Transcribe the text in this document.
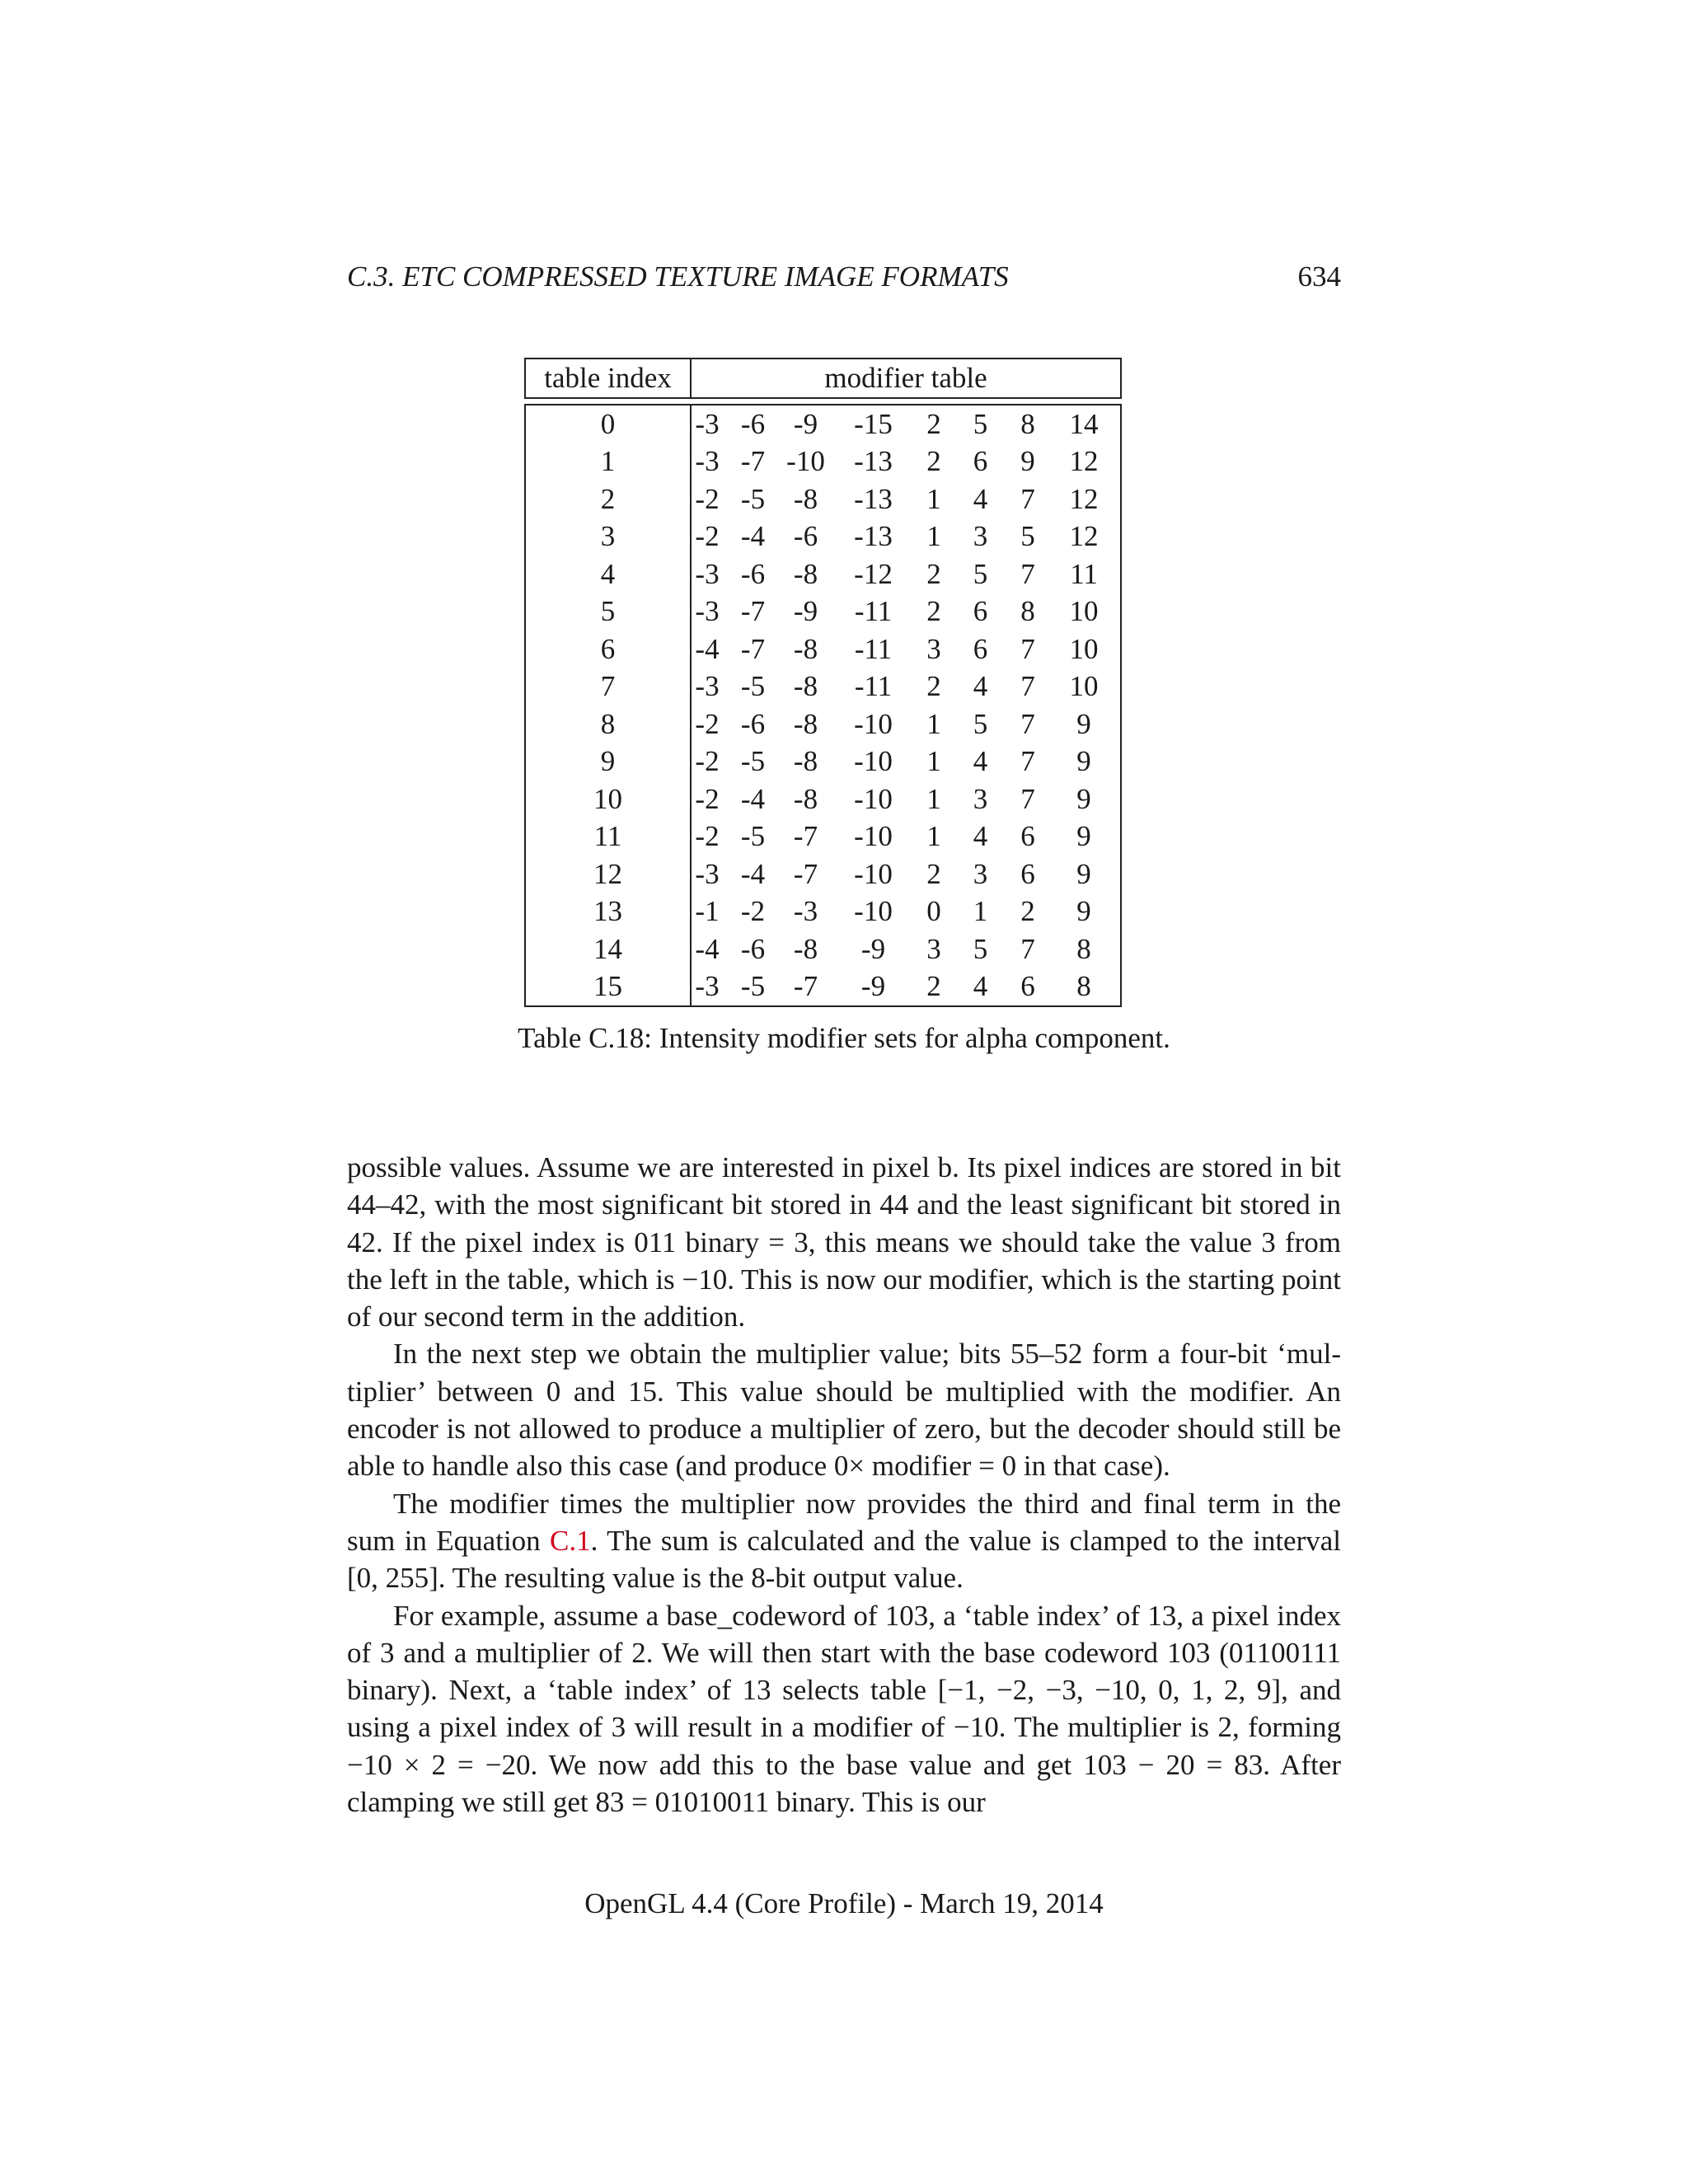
C.3. ETC COMPRESSED TEXTURE IMAGE FORMATS	634
table index	modifier table							

0	-3	-6	-9	-15	2	5	8	14
1	-3	-7	-10	-13	2	6	9	12
2	-2	-5	-8	-13	1	4	7	12
3	-2	-4	-6	-13	1	3	5	12
4	-3	-6	-8	-12	2	5	7	11
5	-3	-7	-9	-11	2	6	8	10
6	-4	-7	-8	-11	3	6	7	10
7	-3	-5	-8	-11	2	4	7	10
8	-2	-6	-8	-10	1	5	7	9
9	-2	-5	-8	-10	1	4	7	9
10	-2	-4	-8	-10	1	3	7	9
11	-2	-5	-7	-10	1	4	6	9
12	-3	-4	-7	-10	2	3	6	9
13	-1	-2	-3	-10	0	1	2	9
14	-4	-6	-8	-9	3	5	7	8
15	-3	-5	-7	-9	2	4	6	8
Table C.18: Intensity modifier sets for alpha component.

possible values. Assume we are interested in pixel b. Its pixel indices are stored in bit 44–42, with the most significant bit stored in 44 and the least significant bit stored in 42. If the pixel index is 011 binary = 3, this means we should take the value 3 from the left in the table, which is −10. This is now our modifier, which is the starting point of our second term in the addition.

In the next step we obtain the multiplier value; bits 55–52 form a four-bit ‘mul-tiplier’ between 0 and 15. This value should be multiplied with the modifier. An encoder is not allowed to produce a multiplier of zero, but the decoder should still be able to handle also this case (and produce 0× modifier = 0 in that case).

The modifier times the multiplier now provides the third and final term in the sum in Equation C.1. The sum is calculated and the value is clamped to the interval [0, 255]. The resulting value is the 8-bit output value.

For example, assume a base_codeword of 103, a ‘table index’ of 13, a pixel index of 3 and a multiplier of 2. We will then start with the base codeword 103 (01100111 binary). Next, a ‘table index’ of 13 selects table [−1, −2, −3, −10, 0, 1, 2, 9], and using a pixel index of 3 will result in a modifier of −10. The multiplier is 2, forming −10 × 2 = −20. We now add this to the base value and get 103 − 20 = 83. After clamping we still get 83 = 01010011 binary. This is our

OpenGL 4.4 (Core Profile) - March 19, 2014
